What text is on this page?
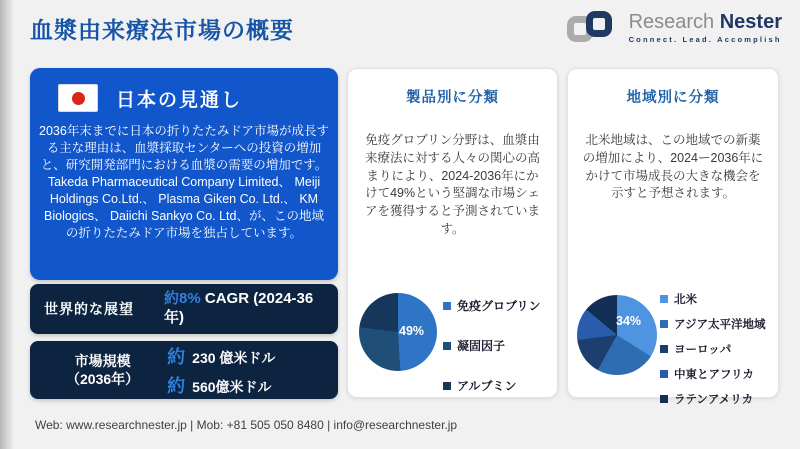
血漿由来療法市場の概要	Research Nester
Connect. Lead. Accomplish
日本の見通し
2036年末までに日本の折りたたみドア市場が成長する主な理由は、血漿採取センターへの投資の増加と、研究開発部門における血漿の需要の増加です。Takeda Pharmaceutical Company Limited、 Meiji Holdings Co.Ltd.、 Plasma Giken Co. Ltd.、 KM Biologics、 Daiichi Sankyo Co. Ltd、が、この地域の折りたたみドア市場を独占しています。
世界的な展望
約8% CAGR (2024-36年)
市場規模
（2036年）
約 230 億米ドル
約 560億米ドル
製品別に分類
免疫グロブリン分野は、血漿由来療法に対する人々の関心の高まりにより、2024-2036年にかけて49%という堅調な市場シェアを獲得すると予測されています。
49%
免疫グロブリン
凝固因子
アルブミン
地域別に分類
北米地域は、この地域での新薬の増加により、2024ー2036年にかけて市場成長の大きな機会を示すと予想されます。
34%
北米
アジア太平洋地域
ヨーロッパ
中東とアフリカ
ラテンアメリカ
Web: www.researchnester.jp | Mob: +81 505 050 8480 | info@researchnester.jp
